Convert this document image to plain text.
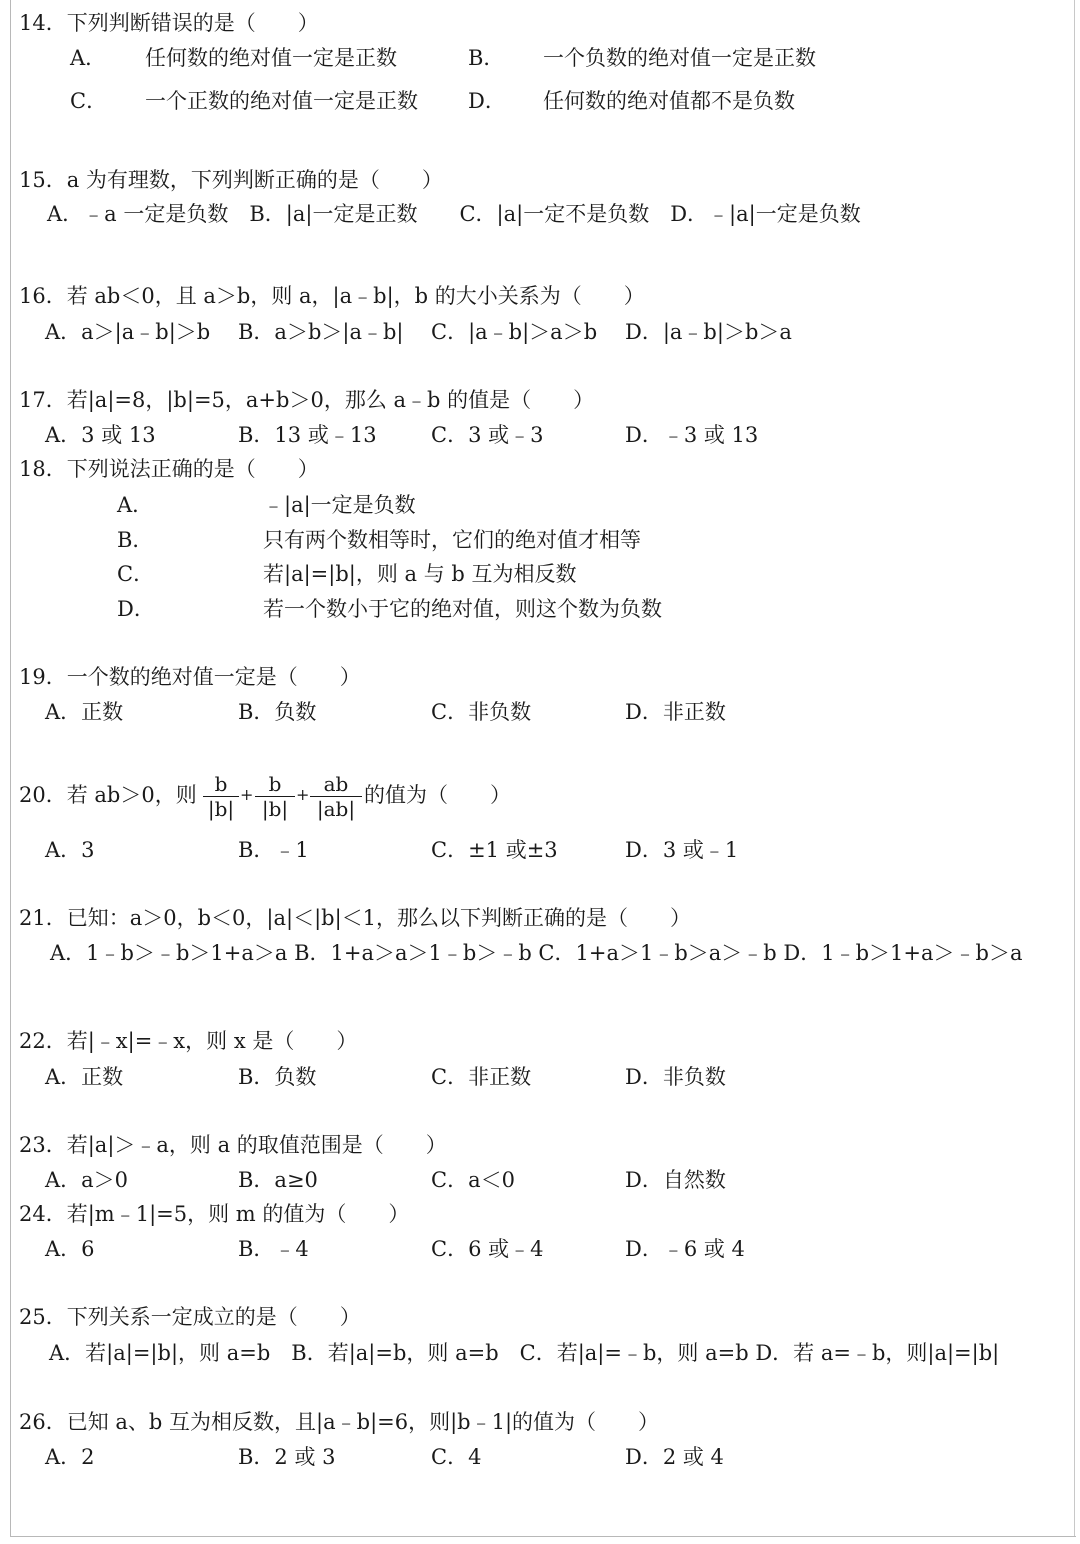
14．下列判断错误的是（　　）
A． 任何数的绝对值一定是正数	B． 一个负数的绝对值一定是正数
C． 一个正数的绝对值一定是正数 D． 任何数的绝对值都不是负数
15．a 为有理数，下列判断正确的是（　　）
A．﹣a 一定是负数　B．|a|一定是正数　　C．|a|一定不是负数　D．﹣|a|一定是负数
16．若 ab＜0，且 a＞b，则 a，|a﹣b|，b 的大小关系为（　　）
A．a＞|a﹣b|＞b B．a＞b＞|a﹣b| C．|a﹣b|＞a＞b D．|a﹣b|＞b＞a
17．若|a|=8，|b|=5，a+b＞0，那么 a﹣b 的值是（　　）
A．3 或 13	B．13 或﹣13	C．3 或﹣3	D．﹣3 或 13
18．下列说法正确的是（　　）
A．	﹣|a|一定是负数
B．	只有两个数相等时，它们的绝对值才相等
C．	若|a|=|b|，则 a 与 b 互为相反数
D．	若一个数小于它的绝对值，则这个数为负数
19．一个数的绝对值一定是（　　）
A．正数	B．负数	C．非负数	D．非正数
20．若 ab＞0，则 b
|b|
+ b
|b|
+ ab
|ab|
的值为（　　）
A．3	B．﹣1	C．±1 或±3	D．3 或﹣1
21．已知：a＞0，b＜0，|a|＜|b|＜1，那么以下判断正确的是（　　）
A．1﹣b＞﹣b＞1+a＞a B．1+a＞a＞1﹣b＞﹣b C．1+a＞1﹣b＞a＞﹣b D．1﹣b＞1+a＞﹣b＞a
22．若|﹣x|=﹣x，则 x 是（　　）
A．正数	B．负数	C．非正数	D．非负数
23．若|a|＞﹣a，则 a 的取值范围是（　　）
A．a＞0	B．a≥0	C．a＜0	D．自然数
24．若|m﹣1|=5，则 m 的值为（　　）
A．6	B．﹣4	C．6 或﹣4	D．﹣6 或 4
25．下列关系一定成立的是（　　）
A．若|a|=|b|，则 a=b　B．若|a|=b，则 a=b　C．若|a|=﹣b，则 a=b D．若 a=﹣b，则|a|=|b|
26．已知 a、b 互为相反数，且|a﹣b|=6，则|b﹣1|的值为（　　）
A．2	B．2 或 3	C．4	D．2 或 4
